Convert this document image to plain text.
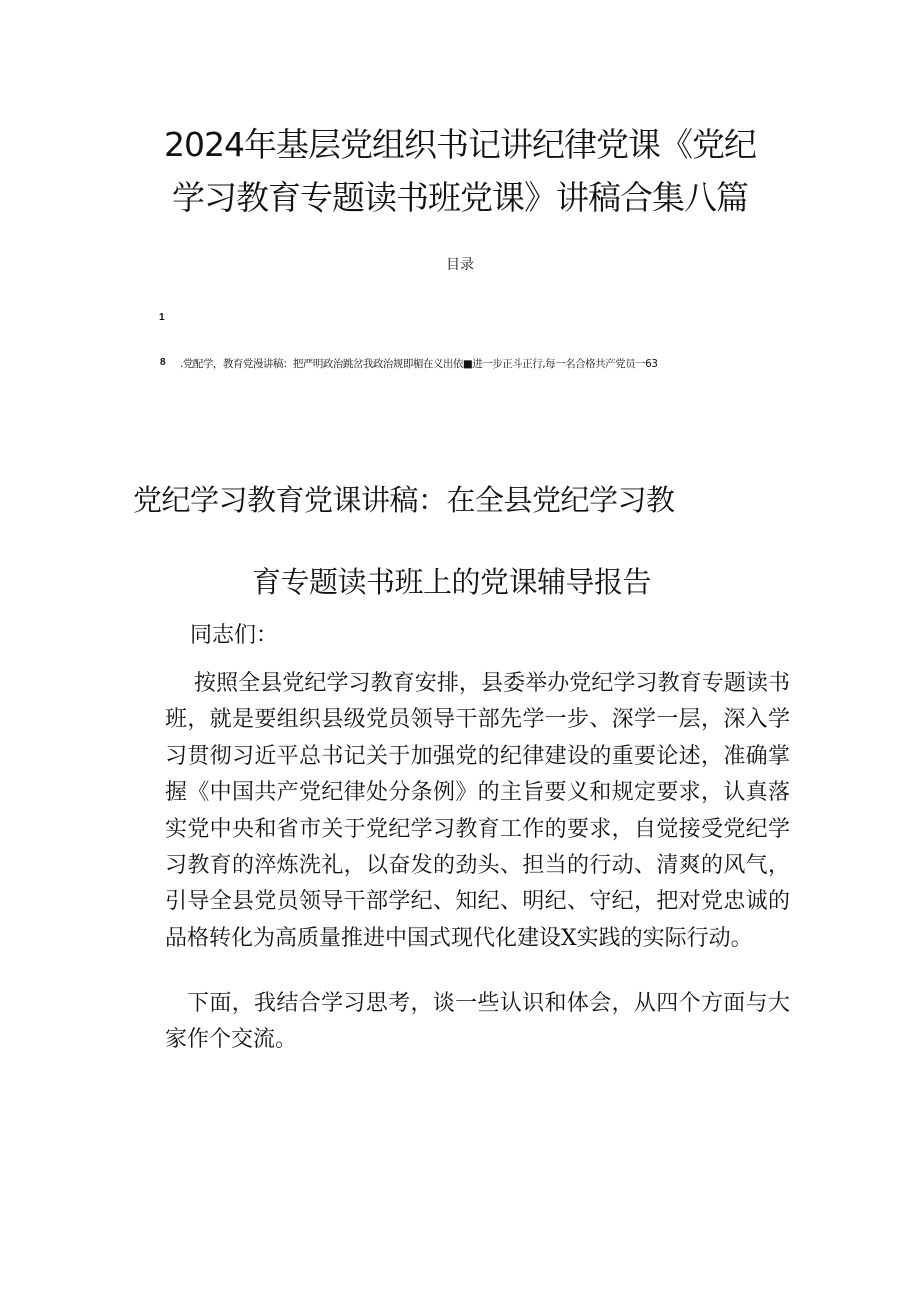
2024年基层党组织书记讲纪律党课《党纪
学习教育专题读书班党课》讲稿合集八篇
目录
1
8 .党配学，教育党漫讲稿：把严明政治跳岔我政治规即楣在义出依■进一步正斗正行,每一名合格共产党员一63
党纪学习教育党课讲稿：在全县党纪学习教
育专题读书班上的党课辅导报告

同志们：

按照全县党纪学习教育安排，县委举办党纪学习教育专题读书班，就是要组织县级党员领导干部先学一步、深学一层，深入学习贯彻习近平总书记关于加强党的纪律建设的重要论述，准确掌握《中国共产党纪律处分条例》的主旨要义和规定要求，认真落实党中央和省市关于党纪学习教育工作的要求，自觉接受党纪学习教育的淬炼洗礼，以奋发的劲头、担当的行动、清爽的风气，引导全县党员领导干部学纪、知纪、明纪、守纪，把对党忠诚的品格转化为高质量推进中国式现代化建设X实践的实际行动。

下面，我结合学习思考，谈一些认识和体会，从四个方面与大家作个交流。
